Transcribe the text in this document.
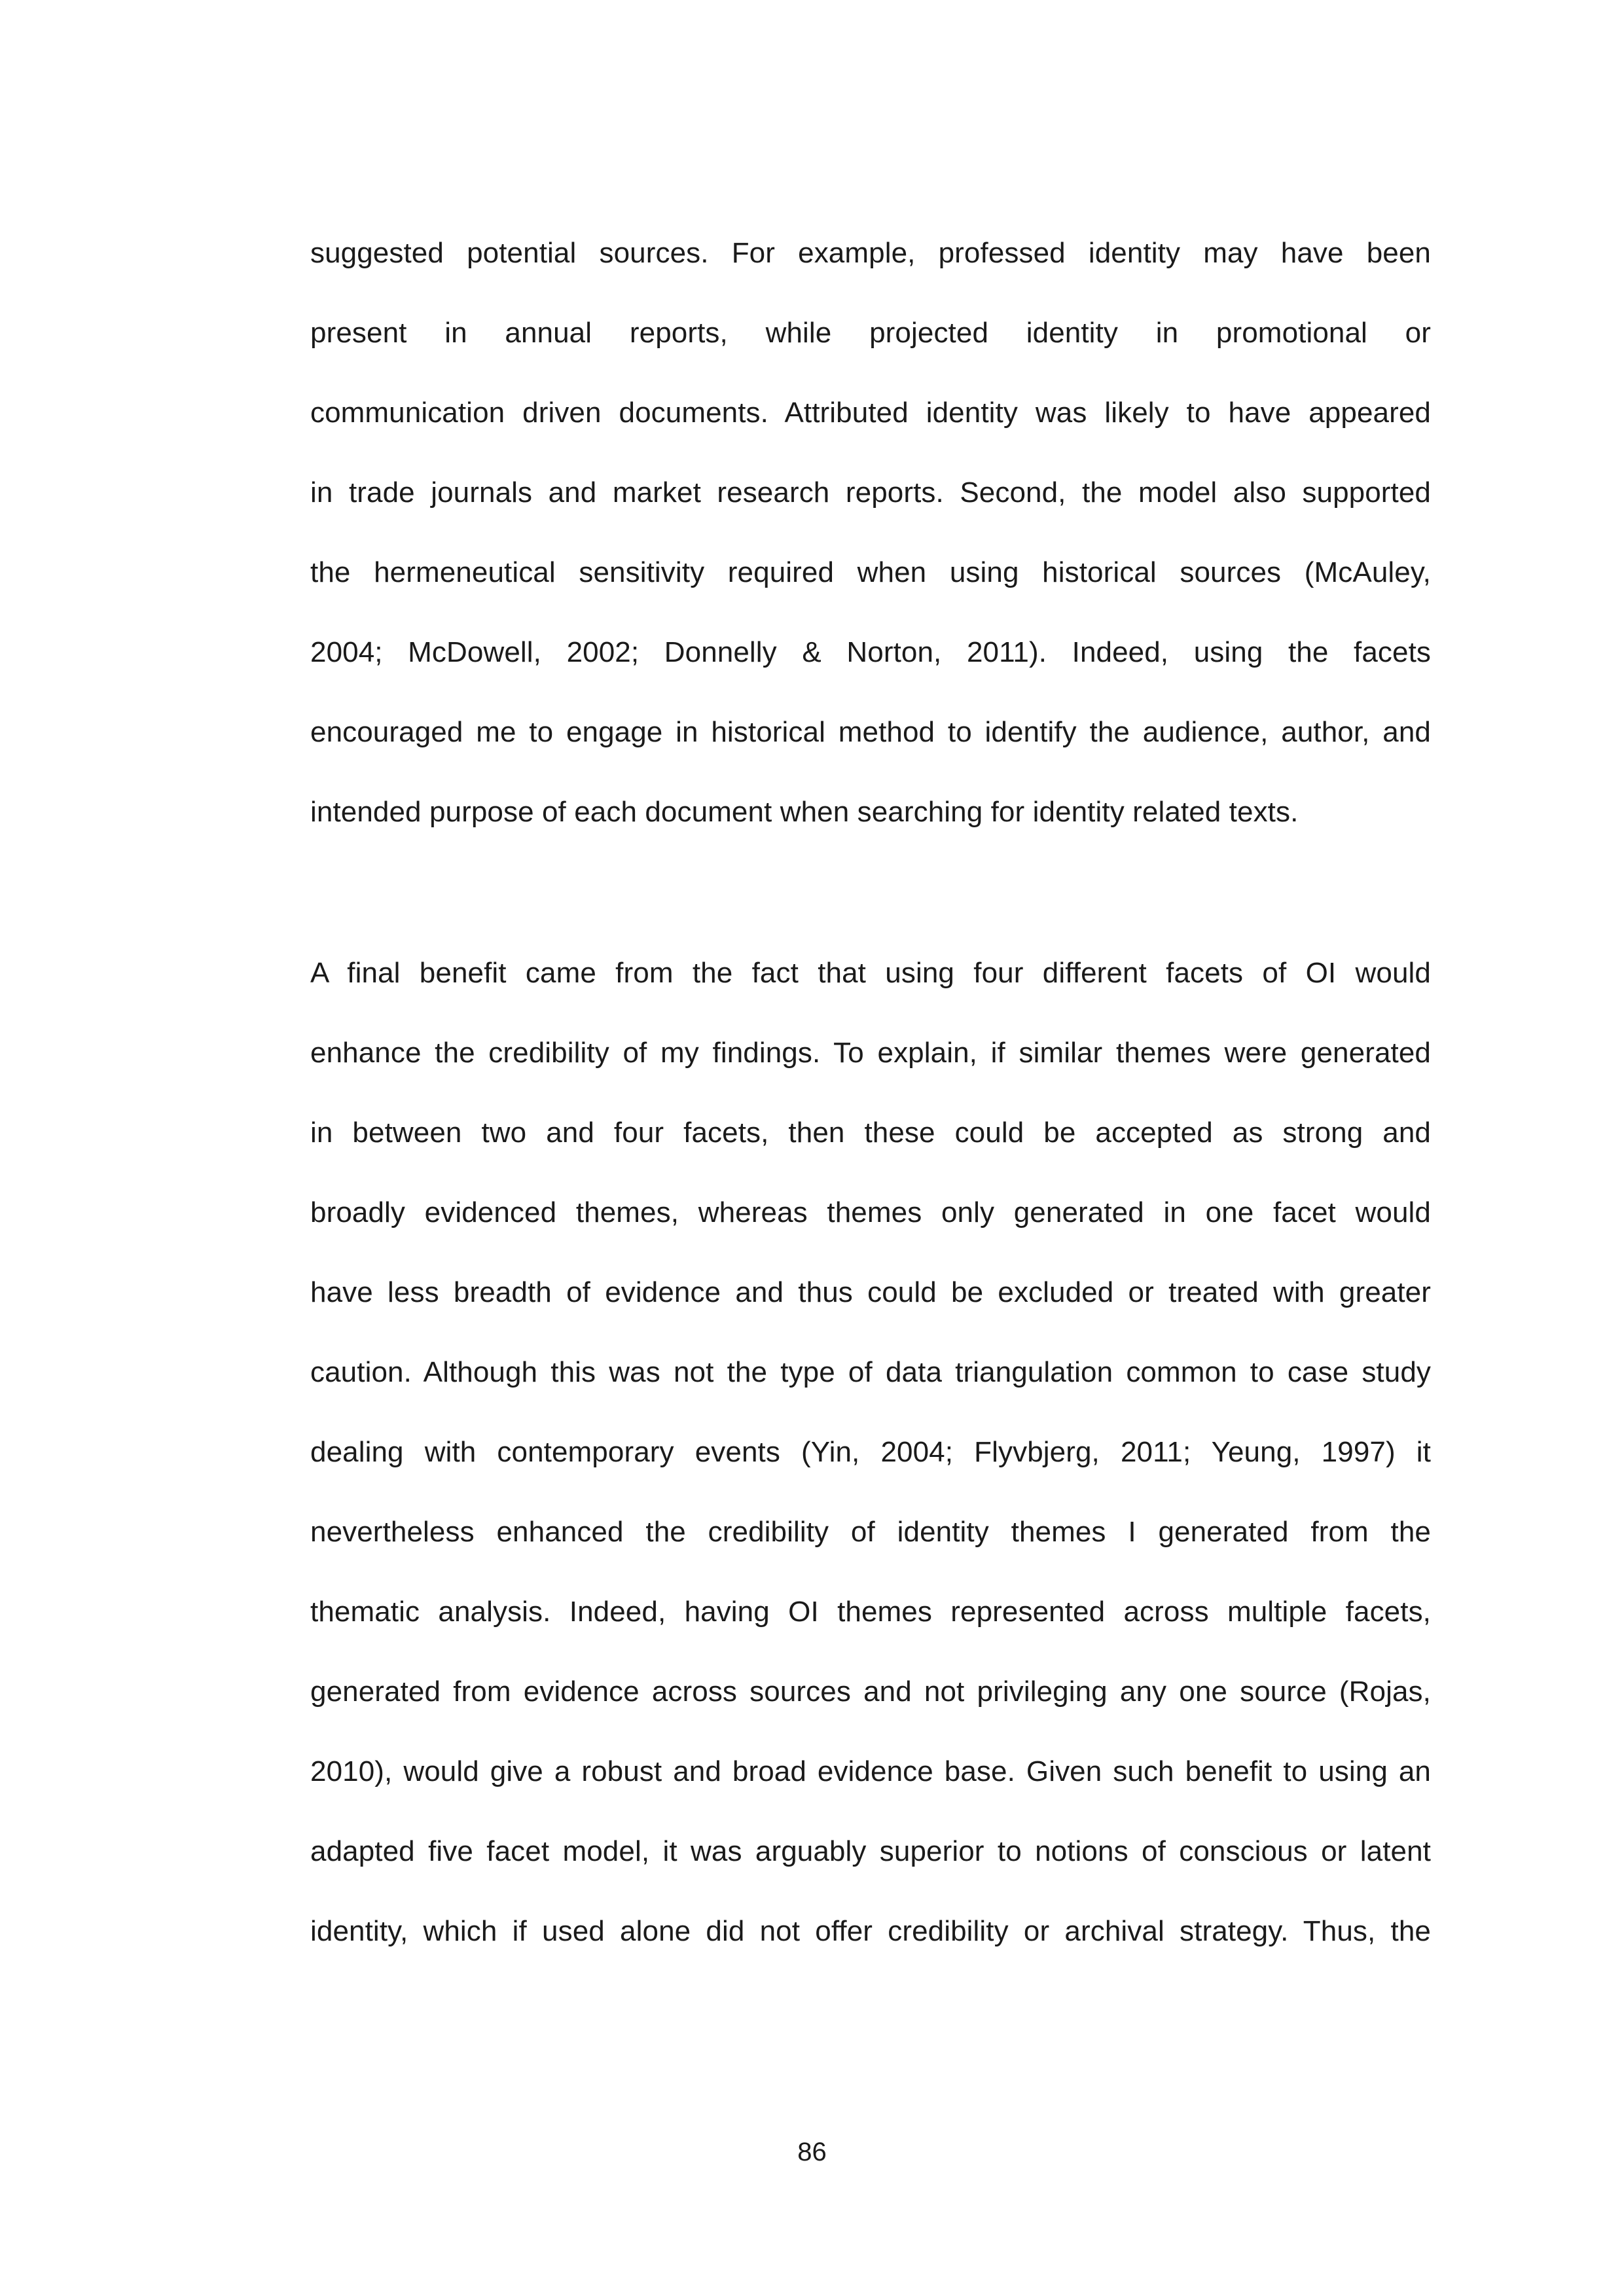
suggested potential sources. For example, professed identity may have been
present in annual reports, while projected identity in promotional or
communication driven documents. Attributed identity was likely to have appeared
in trade journals and market research reports. Second, the model also supported
the hermeneutical sensitivity required when using historical sources (McAuley,
2004; McDowell, 2002; Donnelly & Norton, 2011). Indeed, using the facets
encouraged me to engage in historical method to identify the audience, author, and
intended purpose of each document when searching for identity related texts.
A final benefit came from the fact that using four different facets of OI would
enhance the credibility of my findings. To explain, if similar themes were generated
in between two and four facets, then these could be accepted as strong and
broadly evidenced themes, whereas themes only generated in one facet would
have less breadth of evidence and thus could be excluded or treated with greater
caution. Although this was not the type of data triangulation common to case study
dealing with contemporary events (Yin, 2004; Flyvbjerg, 2011; Yeung, 1997) it
nevertheless enhanced the credibility of identity themes I generated from the
thematic analysis. Indeed, having OI themes represented across multiple facets,
generated from evidence across sources and not privileging any one source (Rojas,
2010), would give a robust and broad evidence base. Given such benefit to using an
adapted five facet model, it was arguably superior to notions of conscious or latent
identity, which if used alone did not offer credibility or archival strategy. Thus, the
86
